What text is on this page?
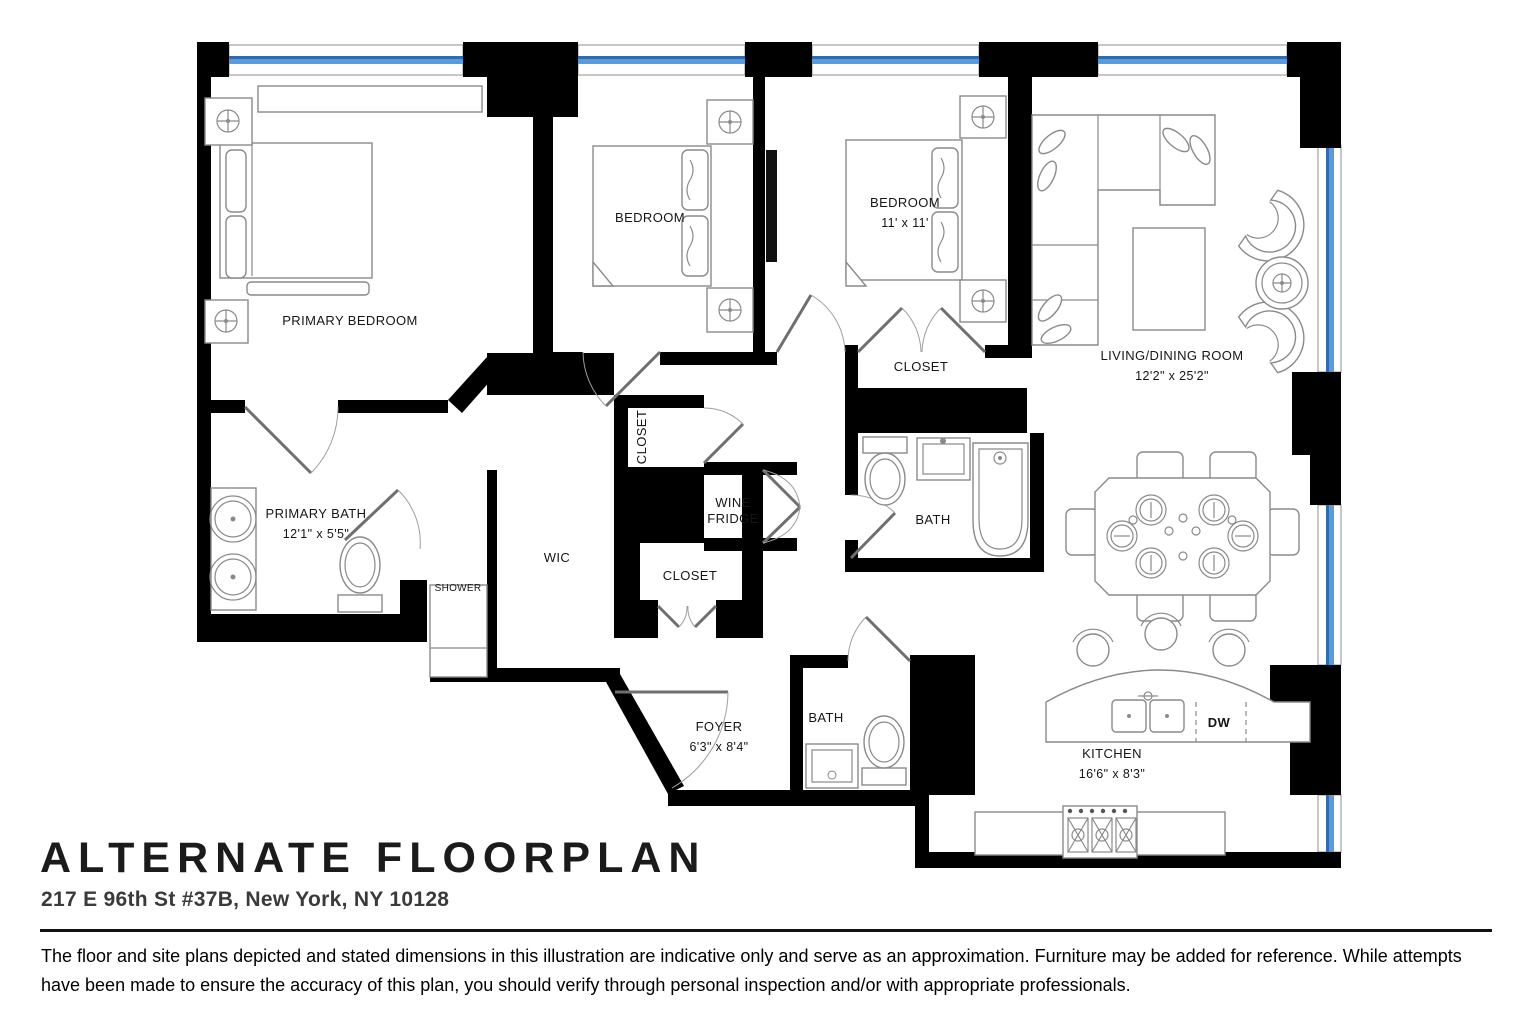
PRIMARY BEDROOM
BEDROOM
BEDROOM
11' x 11'
LIVING/DINING ROOM
12'2" x 25'2"
CLOSET
CLOSET
WINE
FRIDGE	BATH
PRIMARY BATH
12'1" x 5'5"
SHOWER
WIC
CLOSET
FOYER
6'3" x 8'4"
BATH
KITCHEN
16'6" x 8'3"
DW
ALTERNATE FLOORPLAN
217 E 96th St #37B, New York, NY 10128
The floor and site plans depicted and stated dimensions in this illustration are indicative only and serve as an approximation. Furniture may be added for reference. While attempts
have been made to ensure the accuracy of this plan, you should verify through personal inspection and/or with appropriate professionals.
